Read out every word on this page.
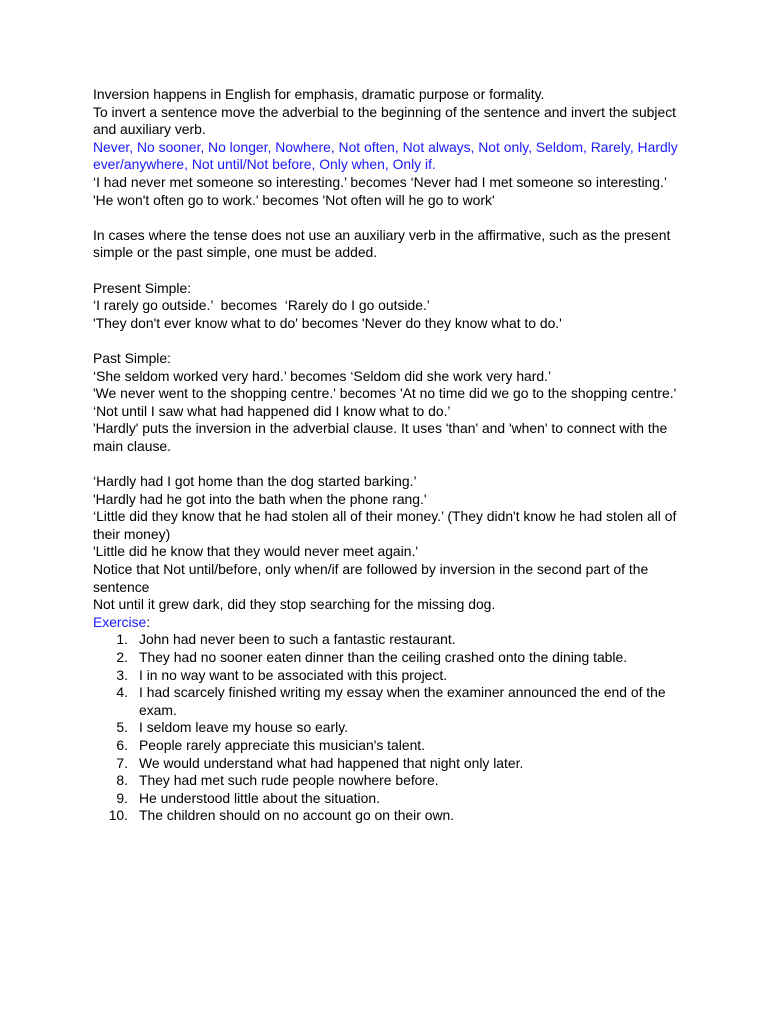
Inversion happens in English for emphasis, dramatic purpose or formality.

To invert a sentence move the adverbial to the beginning of the sentence and invert the subject and auxiliary verb.

Never, No sooner, No longer, Nowhere, Not often, Not always, Not only, Seldom, Rarely, Hardly ever/anywhere, Not until/Not before, Only when, Only if.

‘I had never met someone so interesting.’ becomes ‘Never had I met someone so interesting.’

'He won't often go to work.' becomes 'Not often will he go to work'

In cases where the tense does not use an auxiliary verb in the affirmative, such as the present simple or the past simple, one must be added.

Present Simple:

‘I rarely go outside.’  becomes  ‘Rarely do I go outside.’

'They don't ever know what to do' becomes 'Never do they know what to do.'

Past Simple:

‘She seldom worked very hard.’ becomes ‘Seldom did she work very hard.’

'We never went to the shopping centre.' becomes 'At no time did we go to the shopping centre.'

‘Not until I saw what had happened did I know what to do.’

'Hardly' puts the inversion in the adverbial clause. It uses 'than' and 'when' to connect with the main clause.

‘Hardly had I got home than the dog started barking.’

'Hardly had he got into the bath when the phone rang.'

‘Little did they know that he had stolen all of their money.’ (They didn't know he had stolen all of their money)

'Little did he know that they would never meet again.'

Notice that Not until/before, only when/if are followed by inversion in the second part of the sentence

Not until it grew dark, did they stop searching for the missing dog.

Exercise:

1. John had never been to such a fantastic restaurant.
2. They had no sooner eaten dinner than the ceiling crashed onto the dining table.
3. I in no way want to be associated with this project.
4. I had scarcely finished writing my essay when the examiner announced the end of the exam.
5. I seldom leave my house so early.
6. People rarely appreciate this musician's talent.
7. We would understand what had happened that night only later.
8. They had met such rude people nowhere before.
9. He understood little about the situation.
10. The children should on no account go on their own.
